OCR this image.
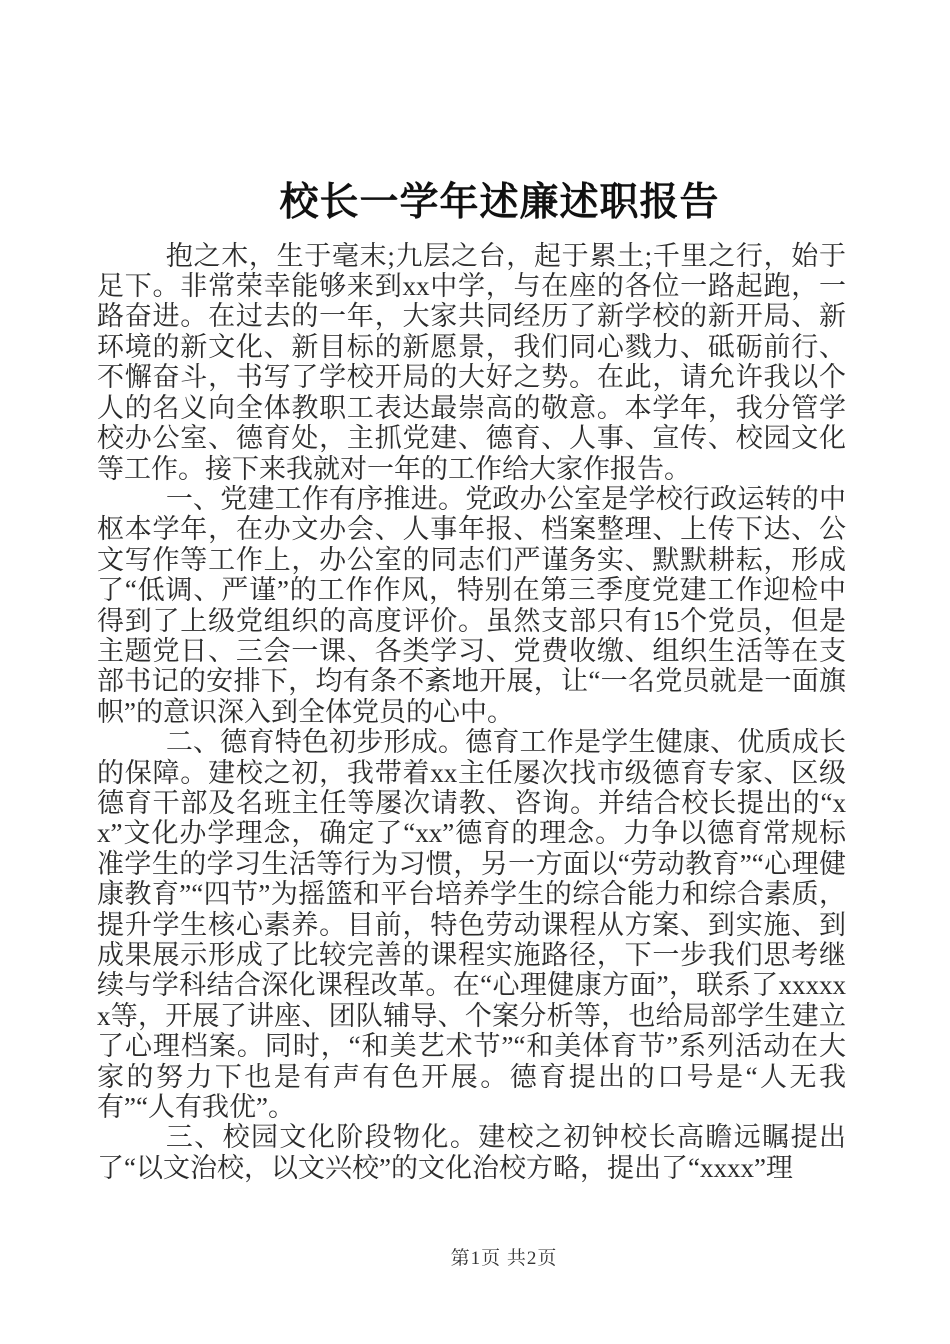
校长一学年述廉述职报告

抱之木，生于毫末;九层之台，起于累土;千里之行，始于足下。非常荣幸能够来到xx中学，与在座的各位一路起跑，一路奋进。在过去的一年，大家共同经历了新学校的新开局、新环境的新文化、新目标的新愿景，我们同心戮力、砥砺前行、不懈奋斗，书写了学校开局的大好之势。在此，请允许我以个人的名义向全体教职工表达最崇高的敬意。本学年，我分管学校办公室、德育处，主抓党建、德育、人事、宣传、校园文化等工作。接下来我就对一年的工作给大家作报告。

一、党建工作有序推进。党政办公室是学校行政运转的中枢本学年，在办文办会、人事年报、档案整理、上传下达、公文写作等工作上，办公室的同志们严谨务实、默默耕耘，形成了“低调、严谨”的工作作风，特别在第三季度党建工作迎检中得到了上级党组织的高度评价。虽然支部只有15个党员，但是主题党日、三会一课、各类学习、党费收缴、组织生活等在支部书记的安排下，均有条不紊地开展，让“一名党员就是一面旗帜”的意识深入到全体党员的心中。

二、德育特色初步形成。德育工作是学生健康、优质成长的保障。建校之初，我带着xx主任屡次找市级德育专家、区级德育干部及名班主任等屡次请教、咨询。并结合校长提出的“xx”文化办学理念，确定了“xx”德育的理念。力争以德育常规标准学生的学习生活等行为习惯，另一方面以“劳动教育”“心理健康教育”“四节”为摇篮和平台培养学生的综合能力和综合素质，提升学生核心素养。目前，特色劳动课程从方案、到实施、到成果展示形成了比较完善的课程实施路径，下一步我们思考继续与学科结合深化课程改革。在“心理健康方面”，联系了xxxxxx等，开展了讲座、团队辅导、个案分析等，也给局部学生建立了心理档案。同时，“和美艺术节”“和美体育节”系列活动在大家的努力下也是有声有色开展。德育提出的口号是“人无我有”“人有我优”。

三、校园文化阶段物化。建校之初钟校长高瞻远瞩提出了“以文治校，以文兴校”的文化治校方略，提出了“xxxx”理

第1页 共2页
